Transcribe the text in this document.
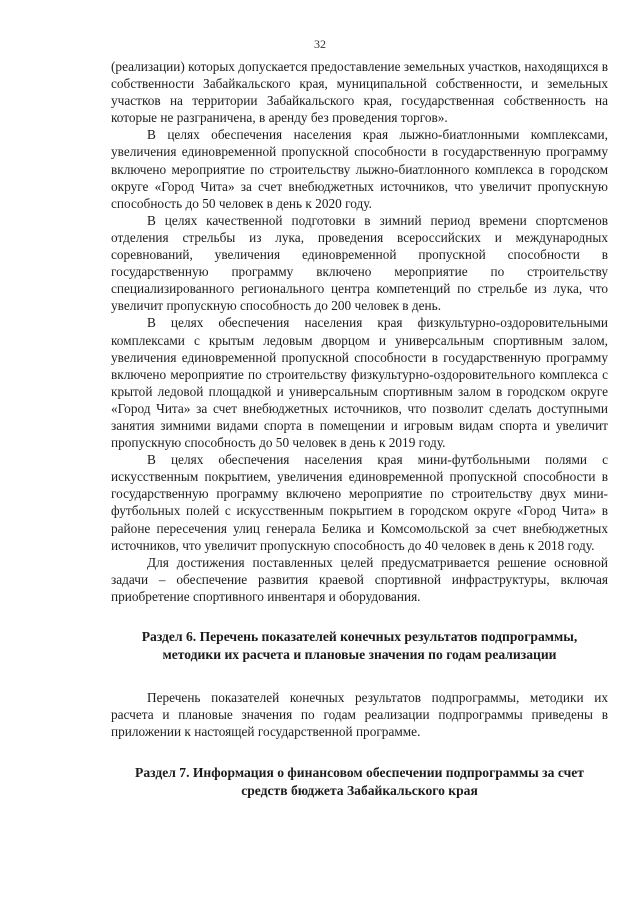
32

(реализации) которых допускается предоставление земельных участков, находящихся в собственности Забайкальского края, муниципальной собственности, и земельных участков на территории Забайкальского края, государственная собственность на которые не разграничена, в аренду без проведения торгов».

В целях обеспечения населения края лыжно-биатлонными комплексами, увеличения единовременной пропускной способности в государственную программу включено мероприятие по строительству лыжно-биатлонного комплекса в городском округе «Город Чита» за счет внебюджетных источников, что увеличит пропускную способность до 50 человек в день к 2020 году.

В целях качественной подготовки в зимний период времени спортсменов отделения стрельбы из лука, проведения всероссийских и международных соревнований, увеличения единовременной пропускной способности в государственную программу включено мероприятие по строительству специализированного регионального центра компетенций по стрельбе из лука, что увеличит пропускную способность до 200 человек в день.

В целях обеспечения населения края физкультурно-оздоровительными комплексами с крытым ледовым дворцом и универсальным спортивным залом, увеличения единовременной пропускной способности в государственную программу включено мероприятие по строительству физкультурно-оздоровительного комплекса с крытой ледовой площадкой и универсальным спортивным залом в городском округе «Город Чита» за счет внебюджетных источников, что позволит сделать доступными занятия зимними видами спорта в помещении и игровым видам спорта и увеличит пропускную способность до 50 человек в день к 2019 году.

В целях обеспечения населения края мини-футбольными полями с искусственным покрытием, увеличения единовременной пропускной способности в государственную программу включено мероприятие по строительству двух мини-футбольных полей с искусственным покрытием в городском округе «Город Чита» в районе пересечения улиц генерала Белика и Комсомольской за счет внебюджетных источников, что увеличит пропускную способность до 40 человек в день к 2018 году.

Для достижения поставленных целей предусматривается решение основной задачи – обеспечение развития краевой спортивной инфраструктуры, включая приобретение спортивного инвентаря и оборудования.

Раздел 6. Перечень показателей конечных результатов подпрограммы, методики их расчета и плановые значения по годам реализации

Перечень показателей конечных результатов подпрограммы, методики их расчета и плановые значения по годам реализации подпрограммы приведены в приложении к настоящей государственной программе.

Раздел 7. Информация о финансовом обеспечении подпрограммы за счет средств бюджета Забайкальского края
